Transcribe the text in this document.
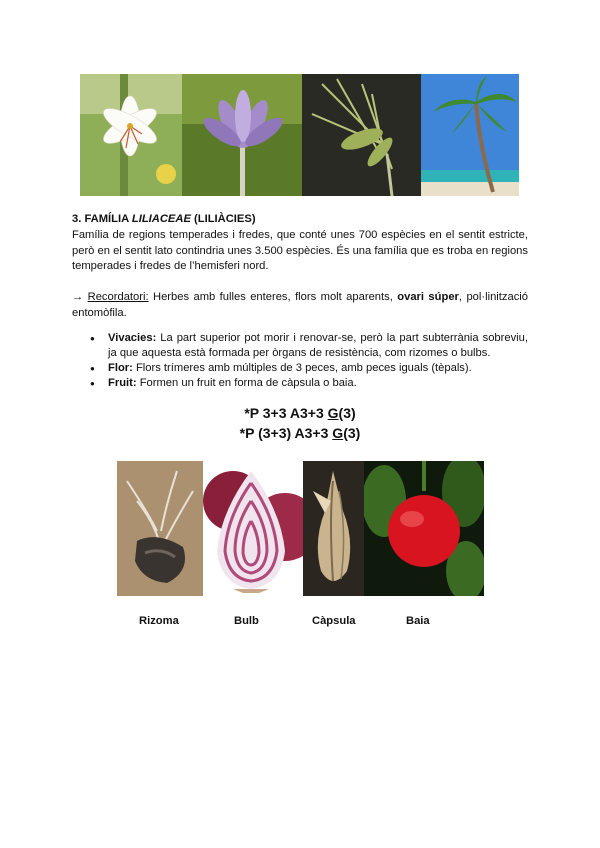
3. FAMÍLIA LILIACEAE (LILIÀCIES)
Família de regions temperades i fredes, que conté unes 700 espècies en el sentit estricte, però en el sentit lato contindria unes 3.500 espècies. És una família que es troba en regions temperades i fredes de l’hemisferi nord.
→ Recordatori: Herbes amb fulles enteres, flors molt aparents, ovari súper, pol·linització entomòfila.
● Vivacies: La part superior pot morir i renovar-se, però la part subterrània sobreviu, ja que aquesta està formada per òrgans de resistència, com rizomes o bulbs.
● Flor: Flors trímeres amb múltiples de 3 peces, amb peces iguals (tèpals).
● Fruit: Formen un fruit en forma de càpsula o baia.
*P 3+3 A3+3 G(3)
*P (3+3) A3+3 G(3)
Rizoma	Bulb	Càpsula	Baia
